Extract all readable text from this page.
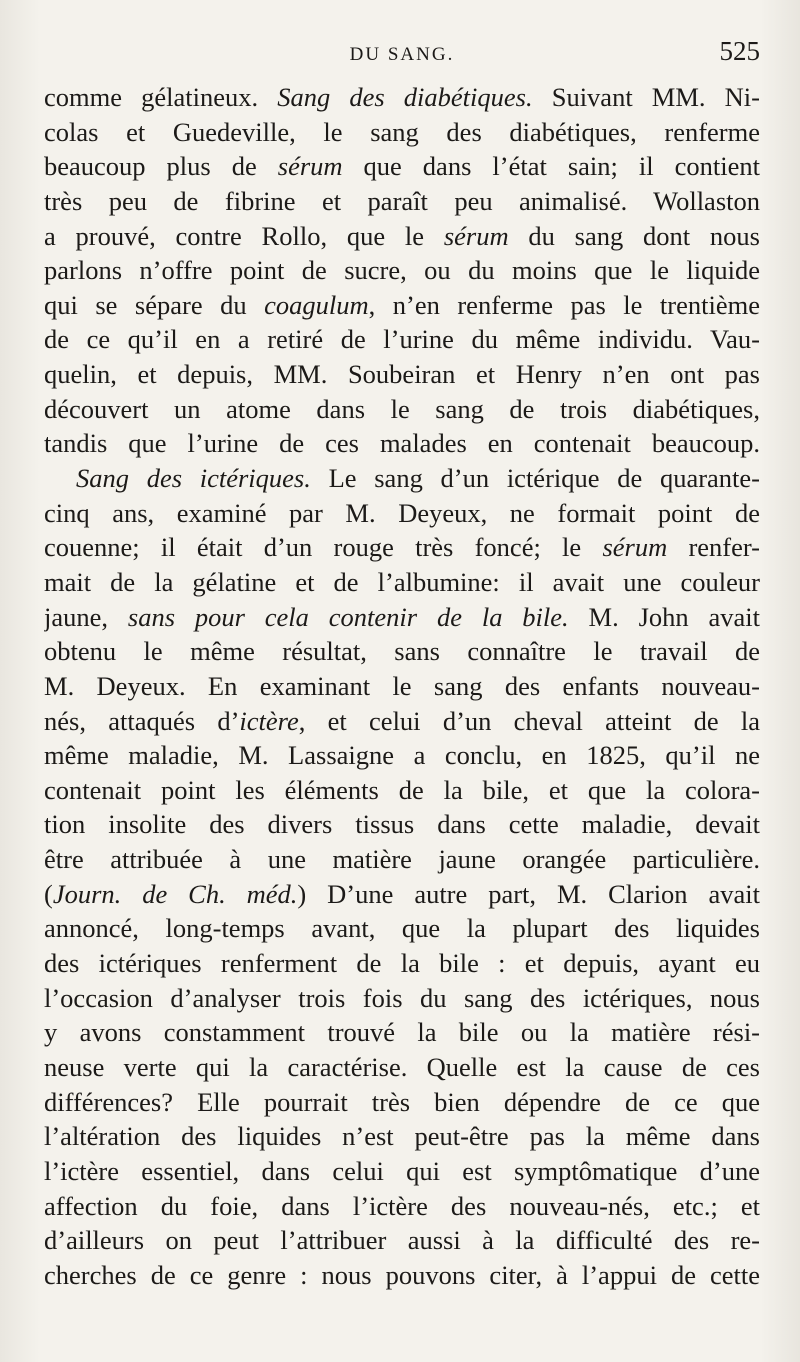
DU SANG.	525
comme gélatineux. Sang des diabétiques. Suivant MM. Ni-
colas et Guedeville, le sang des diabétiques, renferme
beaucoup plus de sérum que dans l’état sain; il contient
très peu de fibrine et paraît peu animalisé. Wollaston
a prouvé, contre Rollo, que le sérum du sang dont nous
parlons n’offre point de sucre, ou du moins que le liquide
qui se sépare du coagulum, n’en renferme pas le trentième
de ce qu’il en a retiré de l’urine du même individu. Vau-
quelin, et depuis, MM. Soubeiran et Henry n’en ont pas
découvert un atome dans le sang de trois diabétiques,
tandis que l’urine de ces malades en contenait beaucoup.
Sang des ictériques. Le sang d’un ictérique de quarante-
cinq ans, examiné par M. Deyeux, ne formait point de
couenne; il était d’un rouge très foncé; le sérum renfer-
mait de la gélatine et de l’albumine: il avait une couleur
jaune, sans pour cela contenir de la bile. M. John avait
obtenu le même résultat, sans connaître le travail de
M. Deyeux. En examinant le sang des enfants nouveau-
nés, attaqués d’ictère, et celui d’un cheval atteint de la
même maladie, M. Lassaigne a conclu, en 1825, qu’il ne
contenait point les éléments de la bile, et que la colora-
tion insolite des divers tissus dans cette maladie, devait
être attribuée à une matière jaune orangée particulière.
(Journ. de Ch. méd.) D’une autre part, M. Clarion avait
annoncé, long-temps avant, que la plupart des liquides
des ictériques renferment de la bile : et depuis, ayant eu
l’occasion d’analyser trois fois du sang des ictériques, nous
y avons constamment trouvé la bile ou la matière rési-
neuse verte qui la caractérise. Quelle est la cause de ces
différences? Elle pourrait très bien dépendre de ce que
l’altération des liquides n’est peut-être pas la même dans
l’ictère essentiel, dans celui qui est symptômatique d’une
affection du foie, dans l’ictère des nouveau-nés, etc.; et
d’ailleurs on peut l’attribuer aussi à la difficulté des re-
cherches de ce genre : nous pouvons citer, à l’appui de cette
